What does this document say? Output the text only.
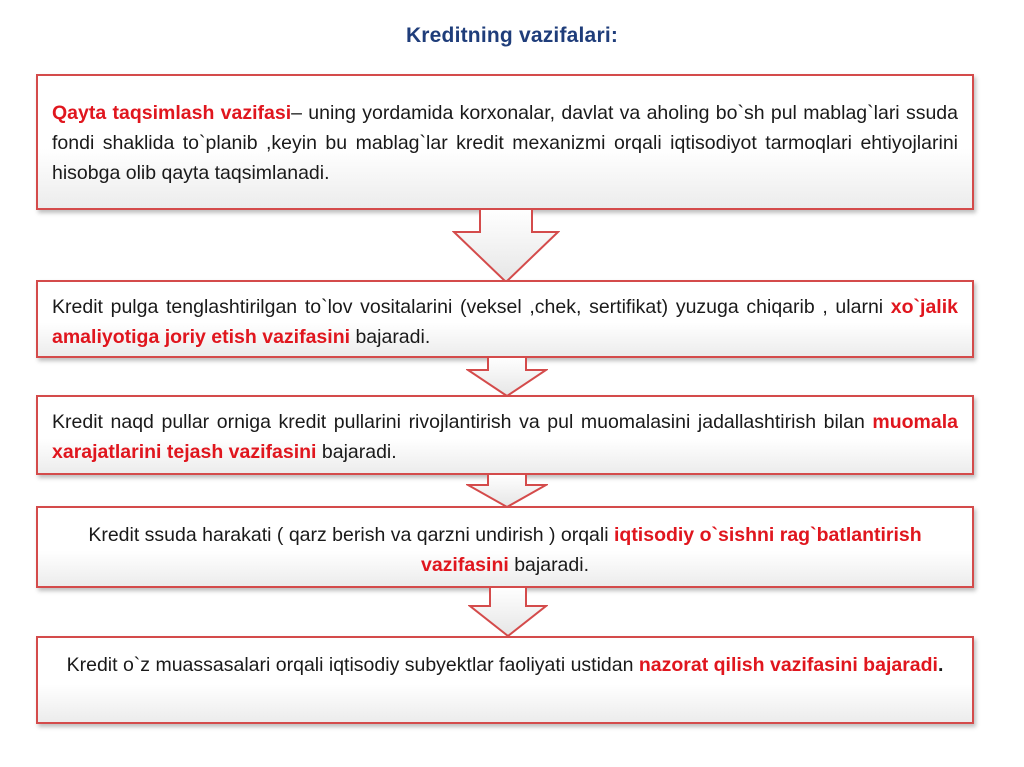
Kreditning vazifalari:
Qayta taqsimlash vazifasi– uning yordamida korxonalar, davlat va aholing bo`sh pul mablag`lari ssuda fondi shaklida to`planib ,keyin bu mablag`lar kredit mexanizmi orqali iqtisodiyot tarmoqlari ehtiyojlarini hisobga olib qayta taqsimlanadi.
Kredit pulga tenglashtirilgan to`lov vositalarini (veksel ,chek, sertifikat) yuzuga chiqarib , ularni xo`jalik amaliyotiga joriy etish vazifasini bajaradi.
Kredit naqd pullar orniga kredit pullarini rivojlantirish va pul muomalasini jadallashtirish bilan muomala xarajatlarini tejash vazifasini bajaradi.
Kredit ssuda harakati ( qarz berish va qarzni undirish ) orqali iqtisodiy o`sishni rag`batlantirish vazifasini bajaradi.
Kredit o`z muassasalari orqali iqtisodiy subyektlar faoliyati ustidan nazorat qilish vazifasini bajaradi.
